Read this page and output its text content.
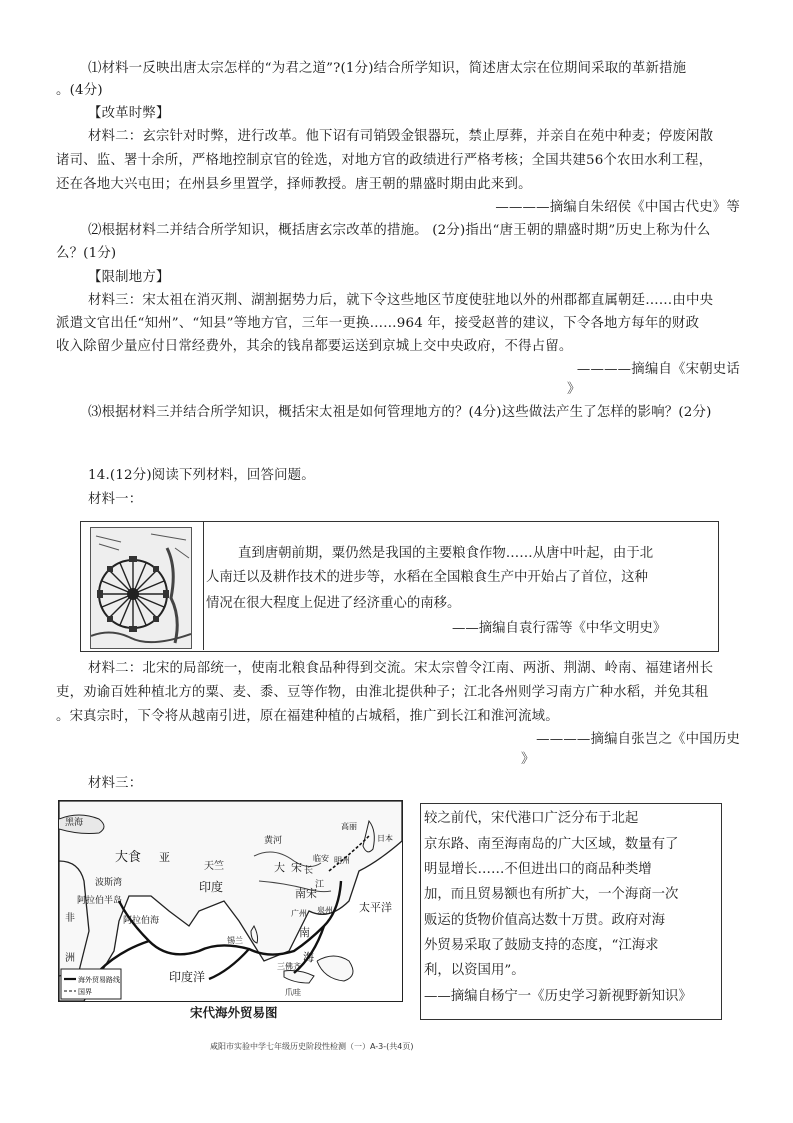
⑴材料一反映出唐太宗怎样的“为君之道”?(1分)结合所学知识，简述唐太宗在位期间采取的革新措施
。(4分)
【改革时弊】
材料二：玄宗针对时弊，进行改革。他下诏有司销毁金银器玩，禁止厚葬，并亲自在苑中种麦；停废闲散
诸司、监、署十余所，严格地控制京官的铨选，对地方官的政绩进行严格考核；全国共建56个农田水利工程，
还在各地大兴屯田；在州县乡里置学，择师教授。唐王朝的鼎盛时期由此来到。
————摘编自朱绍侯《中国古代史》等
⑵根据材料二并结合所学知识，概括唐玄宗改革的措施。 (2分)指出“唐王朝的鼎盛时期”历史上称为什么
么？(1分)
【限制地方】
材料三：宋太祖在消灭荆、湖割据势力后，就下令这些地区节度使驻地以外的州郡都直属朝廷……由中央
派遣文官出任“知州”、“知县”等地方官，三年一更换……964 年，接受赵普的建议，下令各地方每年的财政
收入除留少量应付日常经费外，其余的钱帛都要运送到京城上交中央政府，不得占留。
————摘编自《宋朝史话
》
⑶根据材料三并结合所学知识，概括宋太祖是如何管理地方的？(4分)这些做法产生了怎样的影响？(2分)
14.(12分)阅读下列材料，回答问题。
材料一：
直到唐朝前期，粟仍然是我国的主要粮食作物……从唐中叶起，由于北
人南迁以及耕作技术的进步等，水稻在全国粮食生产中开始占了首位，这种
情况在很大程度上促进了经济重心的南移。
——摘编自袁行霈等《中华文明史》
材料二：北宋的局部统一，使南北粮食品种得到交流。宋太宗曾令江南、两浙、荆湖、岭南、福建诸州长
吏，劝谕百姓种植北方的粟、麦、黍、豆等作物，由淮北提供种子；江北各州则学习南方广种水稻，并免其租
。宋真宗时，下令将从越南引进，原在福建种植的占城稻，推广到长江和淮河流域。
————摘编自张岂之《中国历史
》
材料三：
黑海
大食 亚
波斯湾
阿拉伯半岛
非
洲
阿拉伯海
天竺
印度
印度洋
黄河
长
江
大 宋
南宋
临安 明州
泉州
广州
南
海
太平洋
三佛齐
爪哇
高丽
日本
锡兰
海外贸易路线
国界
宋代海外贸易图
较之前代，宋代港口广泛分布于北起
京东路、南至海南岛的广大区域，数量有了
明显增长……不但进出口的商品种类增
加，而且贸易额也有所扩大，一个海商一次
贩运的货物价值高达数十万贯。政府对海
外贸易采取了鼓励支持的态度，“江海求
利，以资国用”。
——摘编自杨宁一《历史学习新视野新知识》
咸阳市实验中学七年级历史阶段性检测（一）A-3-(共4页)
